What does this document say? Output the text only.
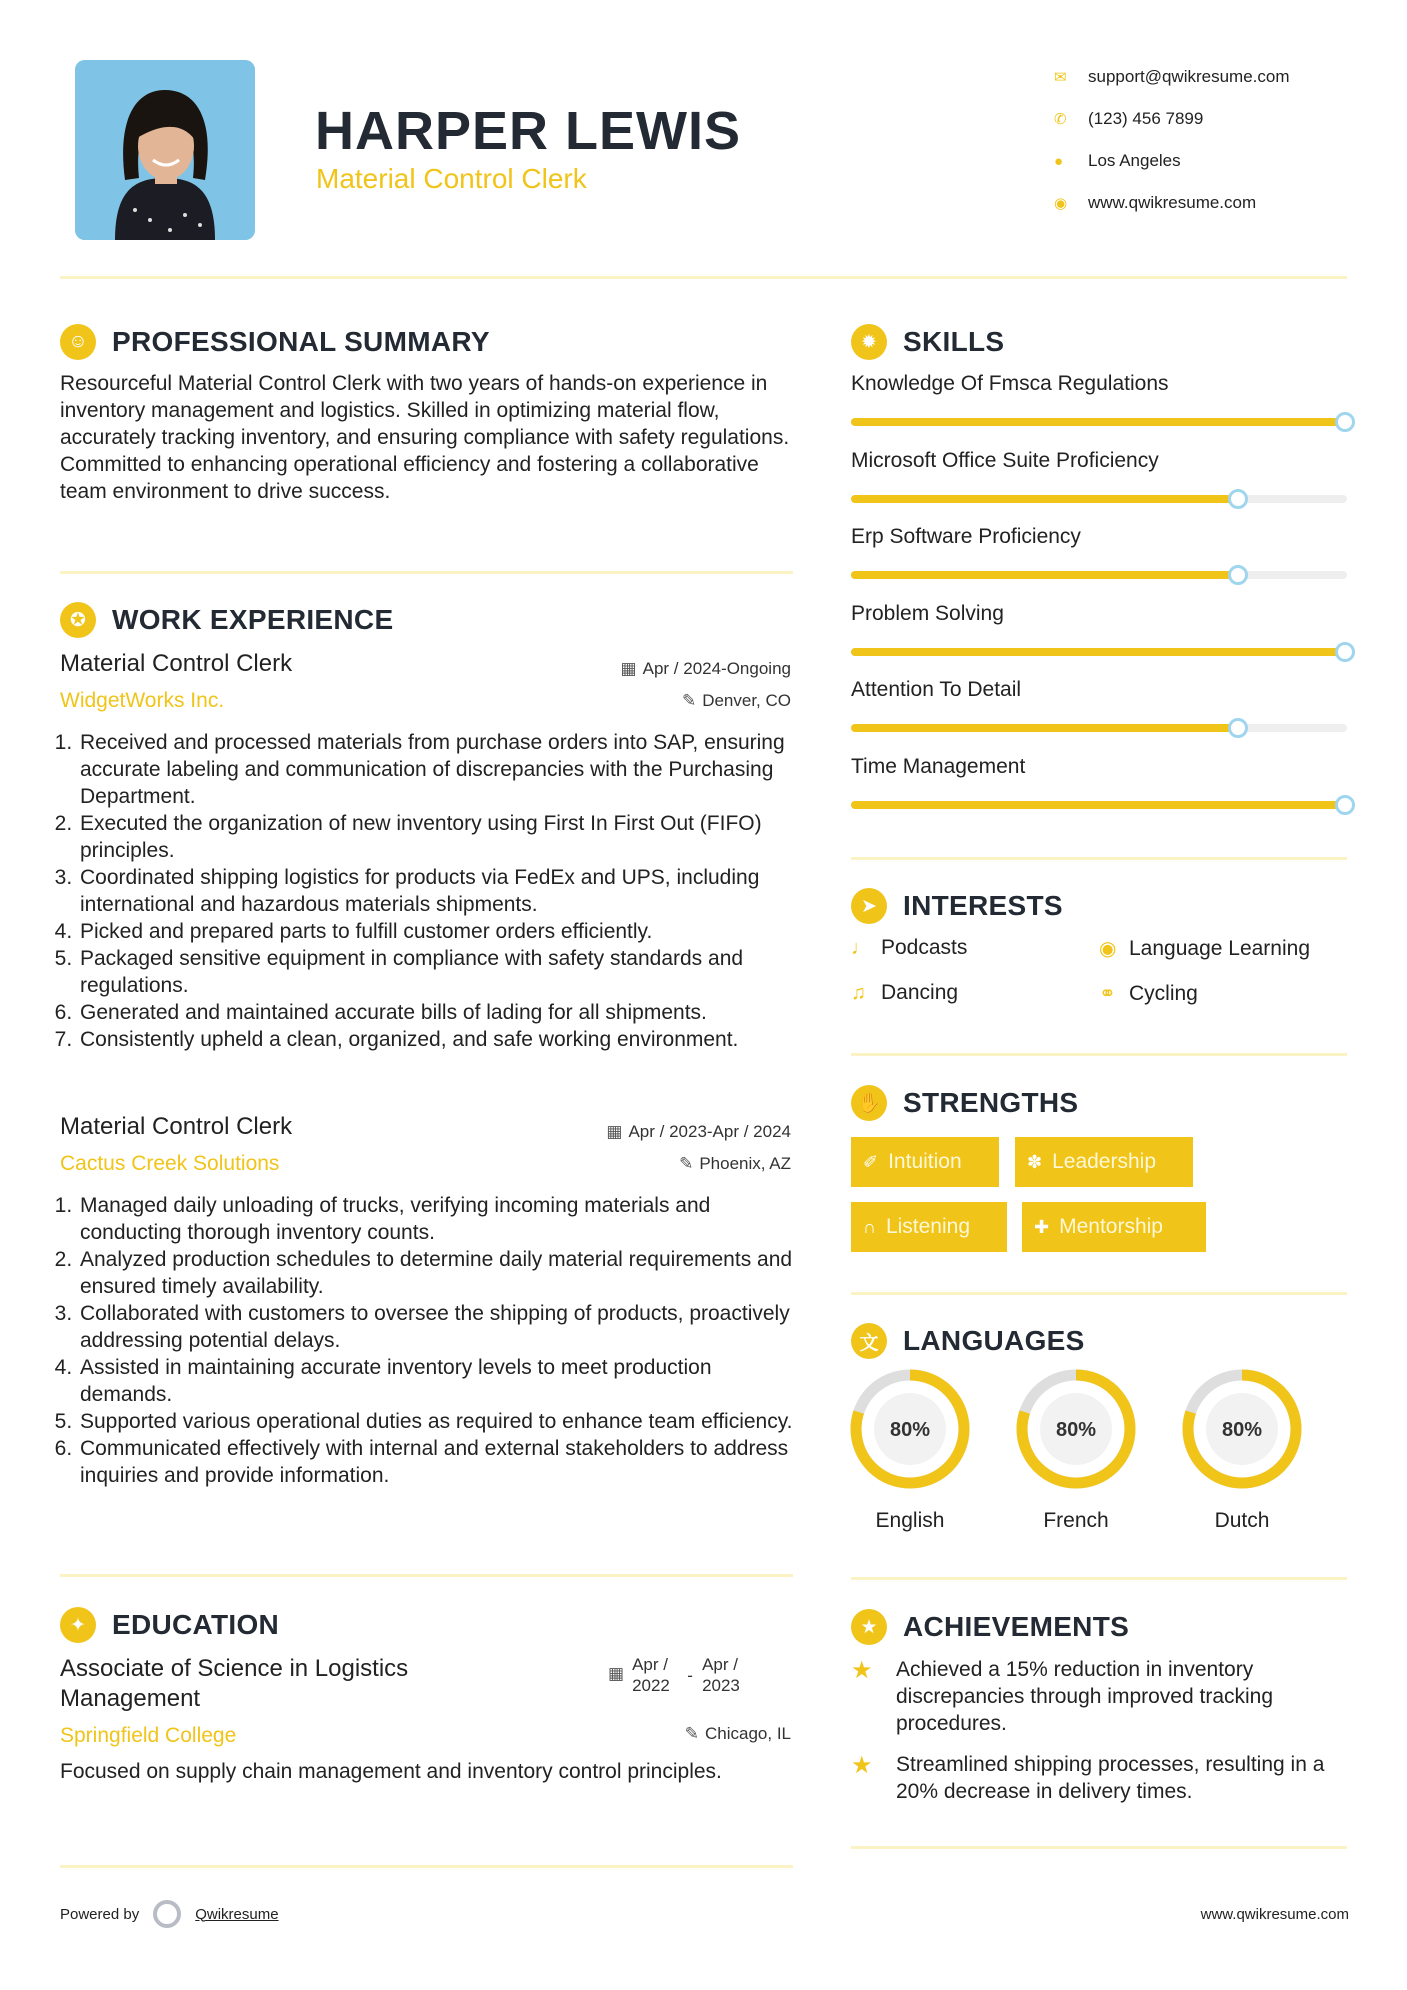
HARPER LEWIS
Material Control Clerk
✉	support@qwikresume.com
✆	(123) 456 7899
●	Los Angeles
◉	www.qwikresume.com
☺ PROFESSIONAL SUMMARY
Resourceful Material Control Clerk with two years of hands-on experience in inventory management and logistics. Skilled in optimizing material flow, accurately tracking inventory, and ensuring compliance with safety regulations. Committed to enhancing operational efficiency and fostering a collaborative team environment to drive success.
✪ WORK EXPERIENCE
Material Control Clerk
WidgetWorks Inc.
▦ Apr / 2024-Ongoing
✎ Denver, CO
1. Received and processed materials from purchase orders into SAP, ensuring accurate labeling and communication of discrepancies with the Purchasing Department.
2. Executed the organization of new inventory using First In First Out (FIFO) principles.
3. Coordinated shipping logistics for products via FedEx and UPS, including international and hazardous materials shipments.
4. Picked and prepared parts to fulfill customer orders efficiently.
5. Packaged sensitive equipment in compliance with safety standards and regulations.
6. Generated and maintained accurate bills of lading for all shipments.
7. Consistently upheld a clean, organized, and safe working environment.
Material Control Clerk
Cactus Creek Solutions
▦ Apr / 2023-Apr / 2024
✎ Phoenix, AZ
1. Managed daily unloading of trucks, verifying incoming materials and conducting thorough inventory counts.
2. Analyzed production schedules to determine daily material requirements and ensured timely availability.
3. Collaborated with customers to oversee the shipping of products, proactively addressing potential delays.
4. Assisted in maintaining accurate inventory levels to meet production demands.
5. Supported various operational duties as required to enhance team efficiency.
6. Communicated effectively with internal and external stakeholders to address inquiries and provide information.
✦ EDUCATION
Associate of Science in Logistics Management
▦ Apr / 2022
-
Apr / 2023
Springfield College	✎ Chicago, IL
Focused on supply chain management and inventory control principles.
✹ SKILLS
Knowledge Of Fmsca Regulations
Microsoft Office Suite Proficiency
Erp Software Proficiency
Problem Solving
Attention To Detail
Time Management
➤ INTERESTS
♩ Podcasts	◉ Language Learning
♫ Dancing	⚭ Cycling
✋ STRENGTHS
✐ Intuition	✽ Leadership
∩ Listening	✚ Mentorship
文 LANGUAGES
80%
English
80%
French
80%
Dutch
★ ACHIEVEMENTS
★	Achieved a 15% reduction in inventory discrepancies through improved tracking procedures.
★	Streamlined shipping processes, resulting in a 20% decrease in delivery times.
Powered by	Qwikresume	www.qwikresume.com
